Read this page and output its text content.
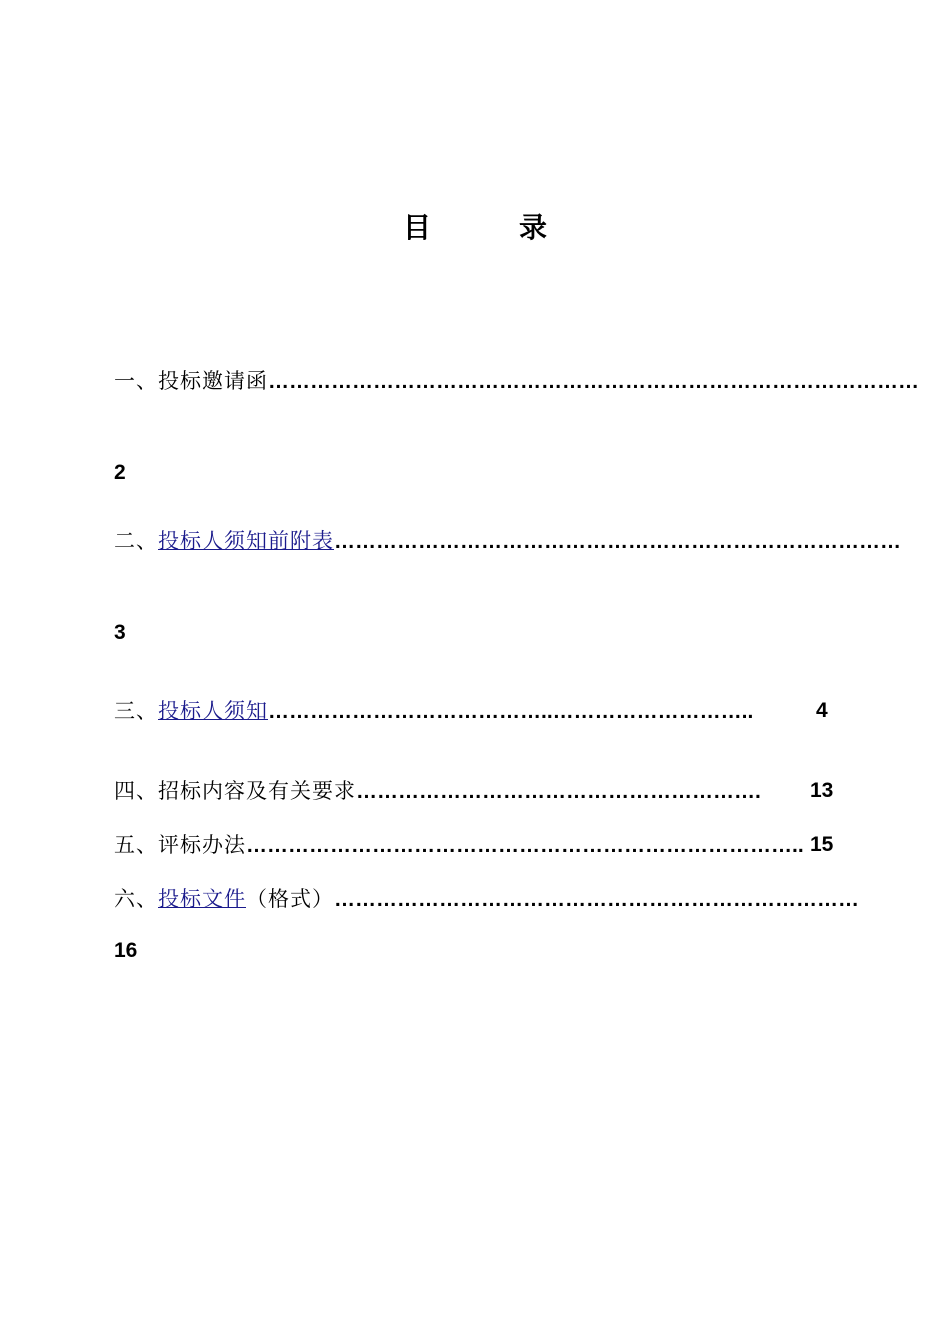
目　录
一、投标邀请函…………………………………………………………………………………
2
二、投标人须知前附表………………………………………………………………………
3
三、投标人须知…………………………………..………………………..	4
四、招标内容及有关要求………………………………………………….	13
五、评标办法…………………………………………………………………….. 15
六、投标文件（格式）…………………………………………………………………
16
